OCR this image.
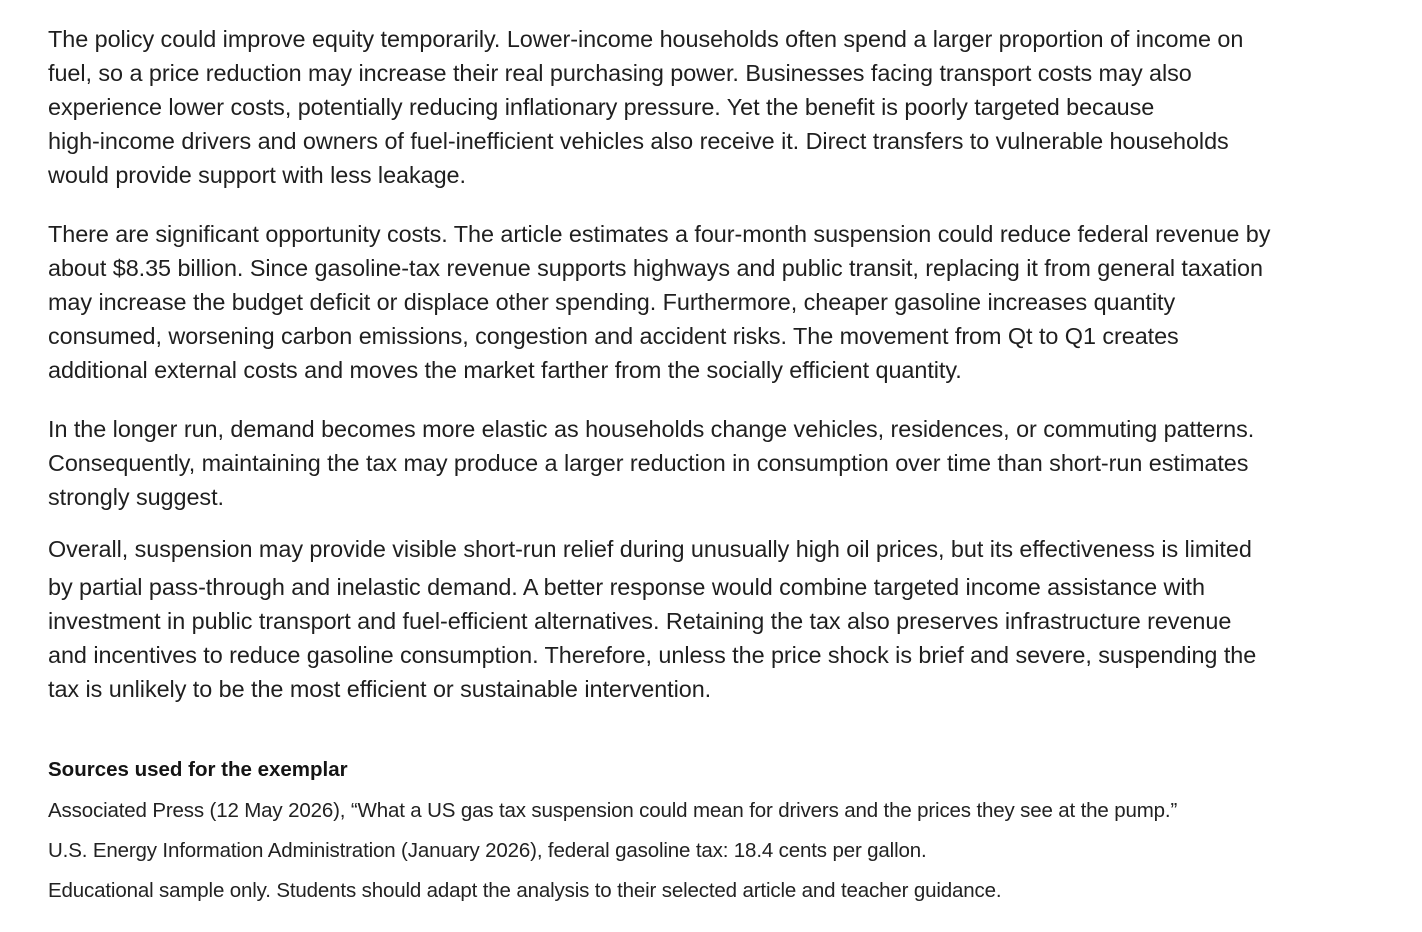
The policy could improve equity temporarily. Lower-income households often spend a larger proportion of income on
fuel, so a price reduction may increase their real purchasing power. Businesses facing transport costs may also
experience lower costs, potentially reducing inflationary pressure. Yet the benefit is poorly targeted because
high-income drivers and owners of fuel-inefficient vehicles also receive it. Direct transfers to vulnerable households
would provide support with less leakage.

There are significant opportunity costs. The article estimates a four-month suspension could reduce federal revenue by
about $8.35 billion. Since gasoline-tax revenue supports highways and public transit, replacing it from general taxation
may increase the budget deficit or displace other spending. Furthermore, cheaper gasoline increases quantity
consumed, worsening carbon emissions, congestion and accident risks. The movement from Qt to Q1 creates
additional external costs and moves the market farther from the socially efficient quantity.

In the longer run, demand becomes more elastic as households change vehicles, residences, or commuting patterns.
Consequently, maintaining the tax may produce a larger reduction in consumption over time than short-run estimates
strongly suggest.

Overall, suspension may provide visible short-run relief during unusually high oil prices, but its effectiveness is limited
by partial pass-through and inelastic demand. A better response would combine targeted income assistance with
investment in public transport and fuel-efficient alternatives. Retaining the tax also preserves infrastructure revenue
and incentives to reduce gasoline consumption. Therefore, unless the price shock is brief and severe, suspending the
tax is unlikely to be the most efficient or sustainable intervention.

Sources used for the exemplar
Associated Press (12 May 2026), “What a US gas tax suspension could mean for drivers and the prices they see at the pump.”
U.S. Energy Information Administration (January 2026), federal gasoline tax: 18.4 cents per gallon.
Educational sample only. Students should adapt the analysis to their selected article and teacher guidance.
